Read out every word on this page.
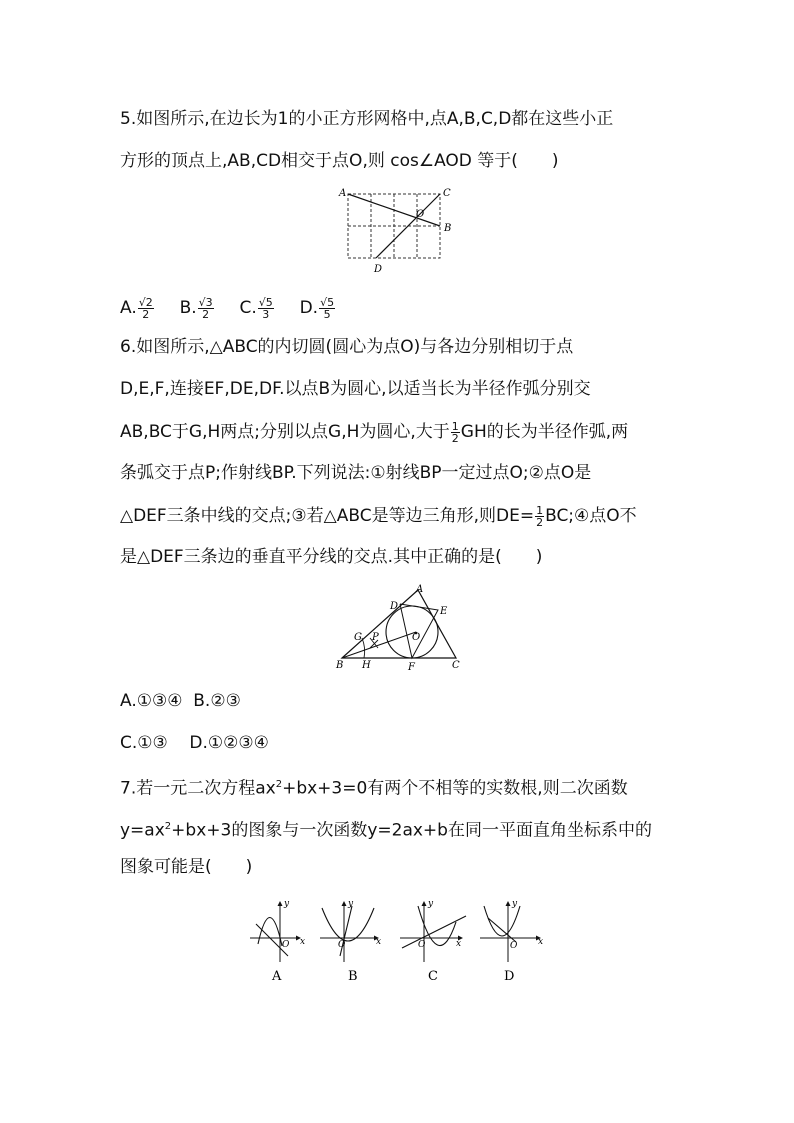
5.如图所示,在边长为1的小正方形网格中,点A,B,C,D都在这些小正
方形的顶点上,AB,CD相交于点O,则 cos∠AOD 等于(　　)
A	C
B
D
O
A. $\frac{√2}{2} B$. $\frac{√3}{2} C$. $\frac{√5}{3} D$. $\frac{√5}{5}$
6.如图所示,△ABC的内切圆(圆心为点O)与各边分别相切于点
D,E,F,连接EF,DE,DF.以点B为圆心,以适当长为半径作弧分别交
AB,BC于G,H两点;分别以点G,H为圆心,大于 $\frac{1}{2}$ GH的长为半径作弧,两
条弧交于点P;作射线BP.下列说法:①射线BP一定过点O;②点O是
△DEF三条中线的交点;③若△ABC是等边三角形,则$DE= \frac{1}{2}$ BC;④点O不
是△DEF三条边的垂直平分线的交点.其中正确的是(　　)
A
D	E
F	C
B
G
H
P	O
A.①③④  B.②③
C.①③    D.①②③④
7.若一元二次方程$ax^2+bx+3=0$有两个不相等的实数根,则二次函数
$y=ax^2+bx+3$的图象与一次函数y=2ax+b在同一平面直角坐标系中的
图象可能是(　　)
y
x
O
A
y
x
O
B
y
x
O
C
y
x
O
D
